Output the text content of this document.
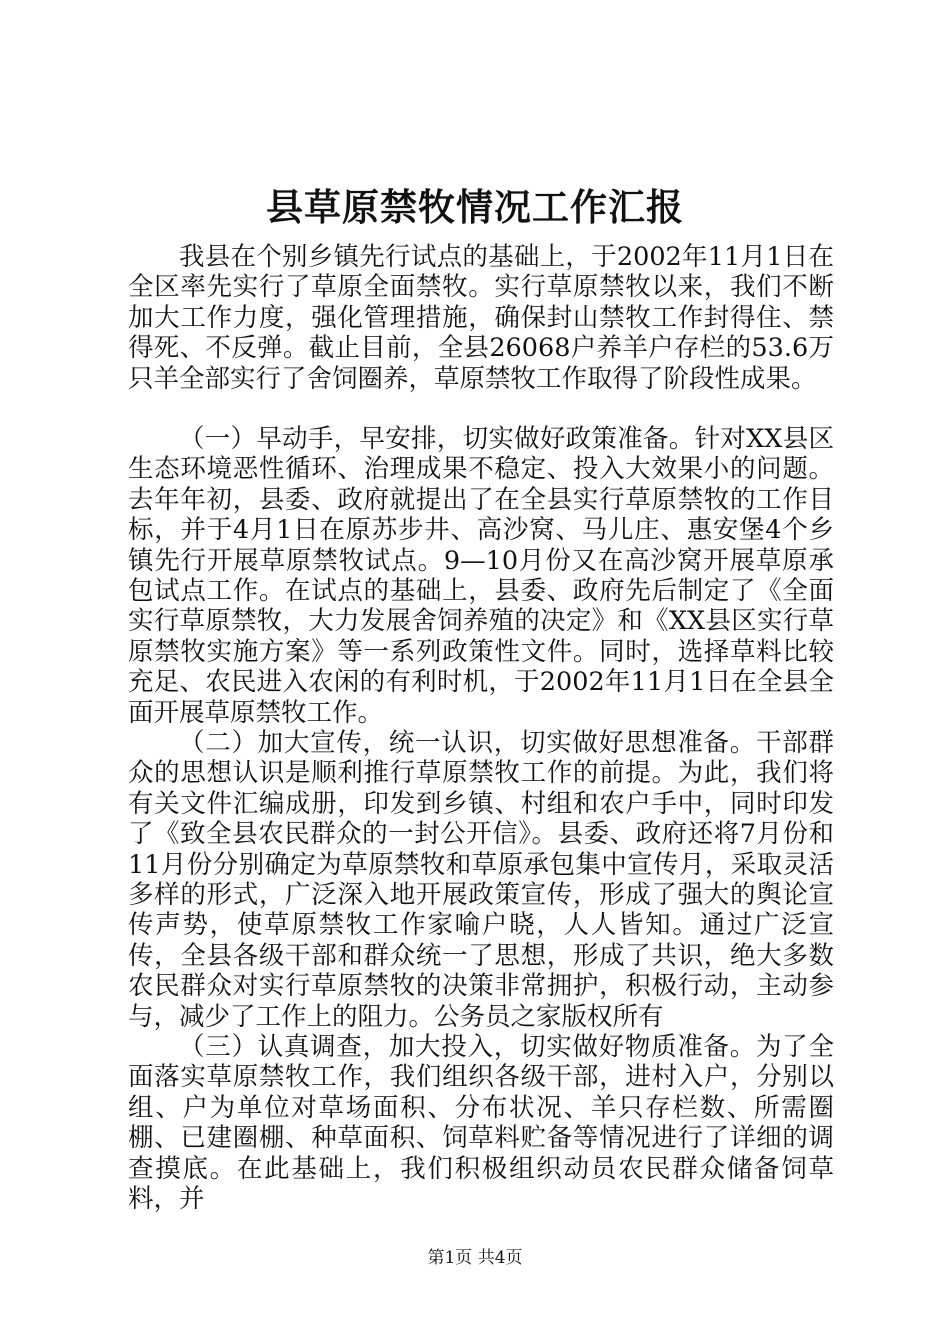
县草原禁牧情况工作汇报

我县在个别乡镇先行试点的基础上，于2002年11月1日在全区率先实行了草原全面禁牧。实行草原禁牧以来，我们不断加大工作力度，强化管理措施，确保封山禁牧工作封得住、禁得死、不反弹。截止目前，全县26068户养羊户存栏的53.6万只羊全部实行了舍饲圈养，草原禁牧工作取得了阶段性成果。

（一）早动手，早安排，切实做好政策准备。针对XX县区生态环境恶性循环、治理成果不稳定、投入大效果小的问题。去年年初，县委、政府就提出了在全县实行草原禁牧的工作目标，并于4月1日在原苏步井、高沙窝、马儿庄、惠安堡4个乡镇先行开展草原禁牧试点。9—10月份又在高沙窝开展草原承包试点工作。在试点的基础上，县委、政府先后制定了《全面实行草原禁牧，大力发展舍饲养殖的决定》和《XX县区实行草原禁牧实施方案》等一系列政策性文件。同时，选择草料比较充足、农民进入农闲的有利时机，于2002年11月1日在全县全面开展草原禁牧工作。

（二）加大宣传，统一认识，切实做好思想准备。干部群众的思想认识是顺利推行草原禁牧工作的前提。为此，我们将有关文件汇编成册，印发到乡镇、村组和农户手中，同时印发了《致全县农民群众的一封公开信》。县委、政府还将7月份和11月份分别确定为草原禁牧和草原承包集中宣传月，采取灵活多样的形式，广泛深入地开展政策宣传，形成了强大的舆论宣传声势，使草原禁牧工作家喻户晓，人人皆知。通过广泛宣传，全县各级干部和群众统一了思想，形成了共识，绝大多数农民群众对实行草原禁牧的决策非常拥护，积极行动，主动参与，减少了工作上的阻力。公务员之家版权所有

（三）认真调查，加大投入，切实做好物质准备。为了全面落实草原禁牧工作，我们组织各级干部，进村入户，分别以组、户为单位对草场面积、分布状况、羊只存栏数、所需圈棚、已建圈棚、种草面积、饲草料贮备等情况进行了详细的调查摸底。在此基础上，我们积极组织动员农民群众储备饲草料，并

第1页 共4页
